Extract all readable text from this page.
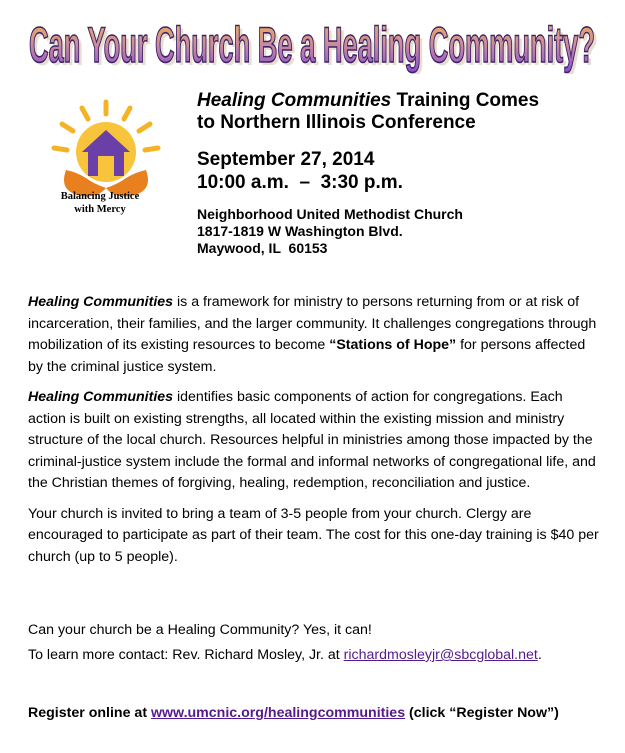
Can Your Church Be a Healing Community?
Can Your Church Be a Healing Community?
Balancing Justice
with Mercy
Healing Communities Training Comes
to Northern Illinois Conference
September 27, 2014
10:00 a.m.  –  3:30 p.m.
Neighborhood United Methodist Church
1817-1819 W Washington Blvd.
Maywood, IL  60153

Healing Communities is a framework for ministry to persons returning from or at risk of incarceration, their families, and the larger community. It challenges congregations through mobilization of its existing resources to become “Stations of Hope” for persons affected by the criminal justice system.

Healing Communities identifies basic components of action for congregations. Each action is built on existing strengths, all located within the existing mission and ministry structure of the local church. Resources helpful in ministries among those impacted by the criminal-justice system include the formal and informal networks of congregational life, and the Christian themes of forgiving, healing, redemption, reconciliation and justice.

Your church is invited to bring a team of 3-5 people from your church. Clergy are encouraged to participate as part of their team. The cost for this one-day training is $40 per church (up to 5 people).

Can your church be a Healing Community? Yes, it can!

To learn more contact: Rev. Richard Mosley, Jr. at richardmosleyjr@sbcglobal.net.

Register online at www.umcnic.org/healingcommunities (click “Register Now”)
